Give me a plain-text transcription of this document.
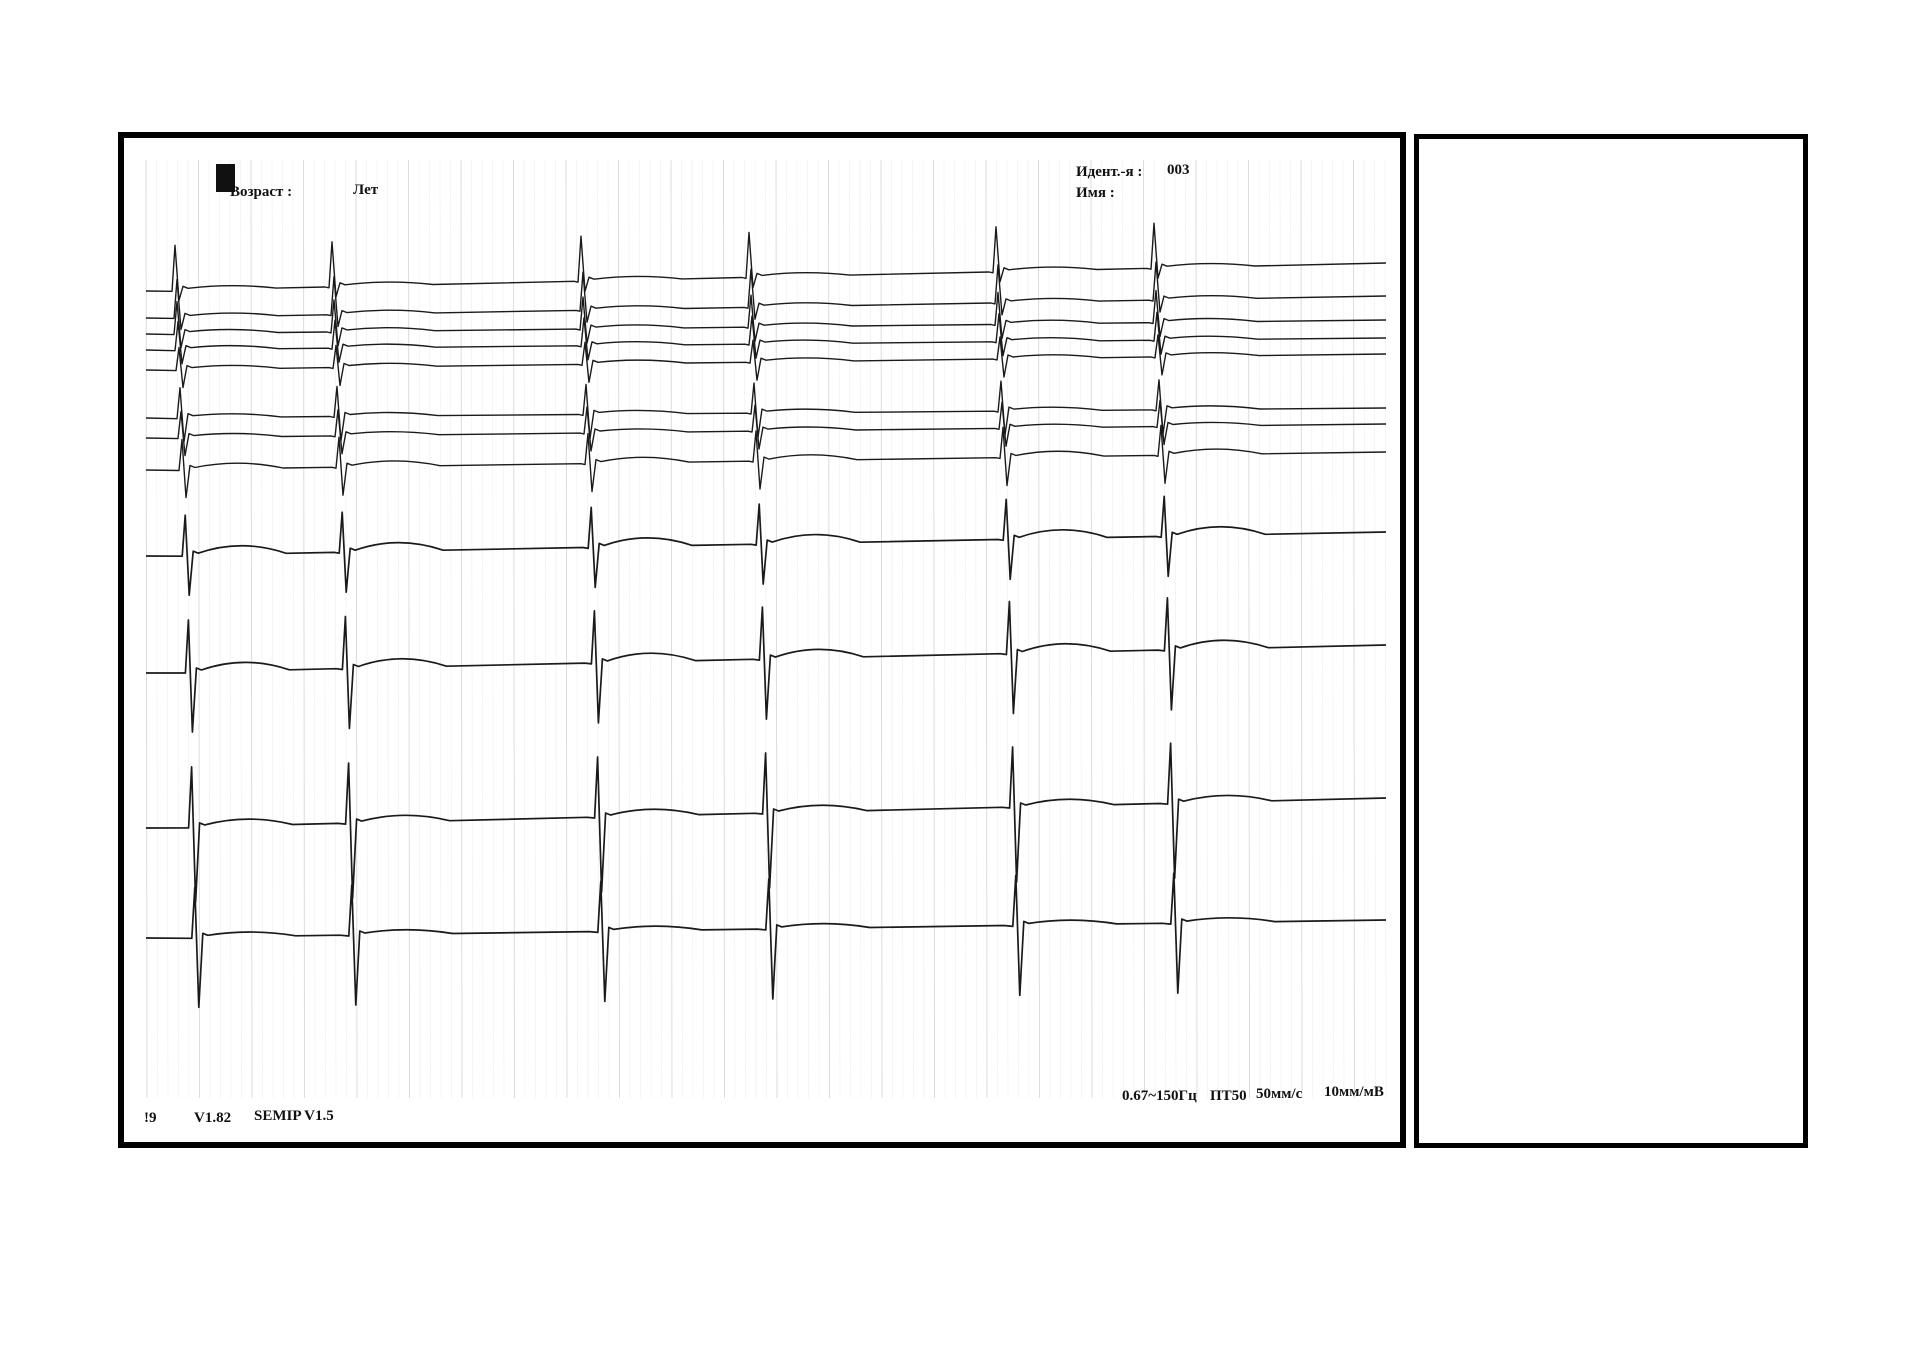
Возраст :	Лет
Идент.-я : 003
Имя :
!9	V1.82 SEMIP V1.5
0.67~150Гц ПТ50 50мм/с 10мм/мВ
